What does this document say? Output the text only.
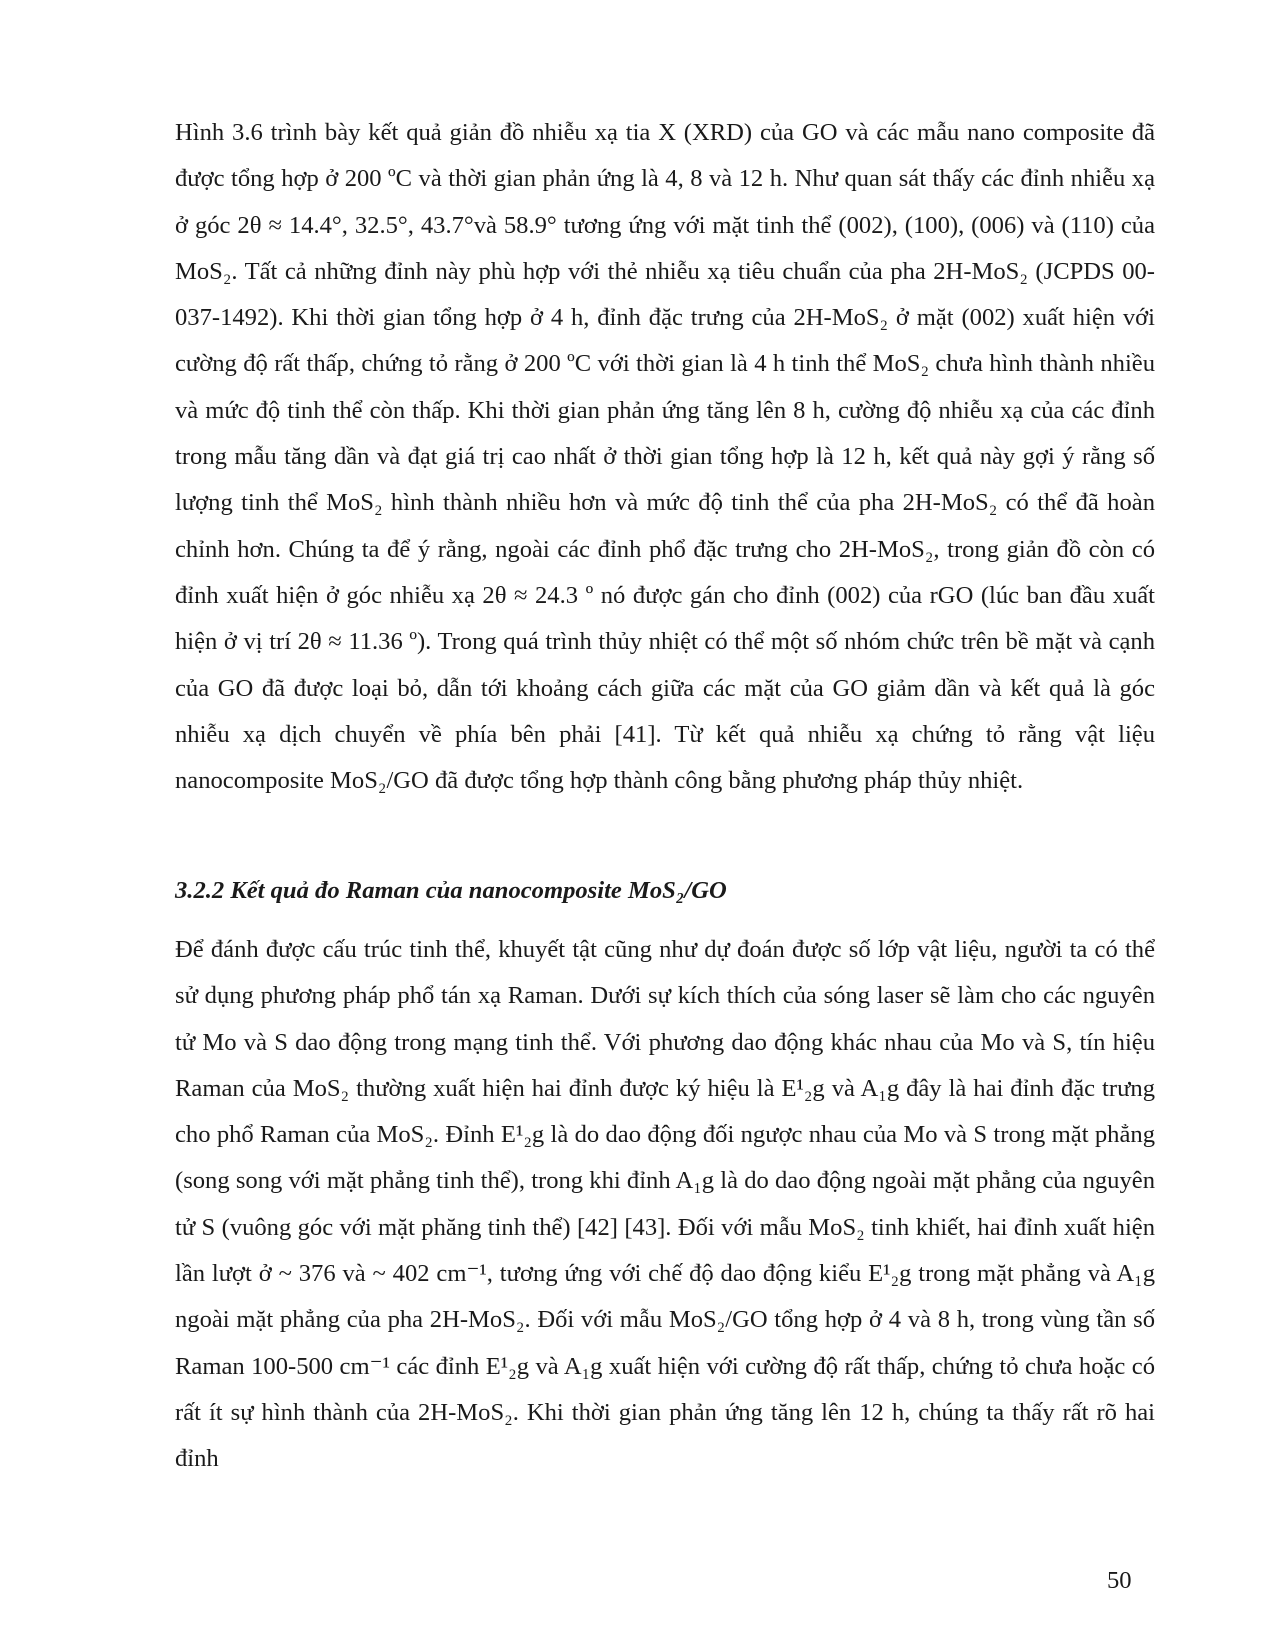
Hình 3.6 trình bày kết quả giản đồ nhiễu xạ tia X (XRD) của GO và các mẫu nano composite đã được tổng hợp ở 200 ºC và thời gian phản ứng là 4, 8 và 12 h. Như quan sát thấy các đỉnh nhiễu xạ ở góc 2θ ≈ 14.4°, 32.5°, 43.7°và 58.9° tương ứng với mặt tinh thể (002), (100), (006) và (110) của MoS₂. Tất cả những đỉnh này phù hợp với thẻ nhiễu xạ tiêu chuẩn của pha 2H-MoS₂ (JCPDS 00-037-1492). Khi thời gian tổng hợp ở 4 h, đỉnh đặc trưng của 2H-MoS₂ ở mặt (002) xuất hiện với cường độ rất thấp, chứng tỏ rằng ở 200 ºC với thời gian là 4 h tinh thể MoS₂ chưa hình thành nhiều và mức độ tinh thể còn thấp. Khi thời gian phản ứng tăng lên 8 h, cường độ nhiễu xạ của các đỉnh trong mẫu tăng dần và đạt giá trị cao nhất ở thời gian tổng hợp là 12 h, kết quả này gợi ý rằng số lượng tinh thể MoS₂ hình thành nhiều hơn và mức độ tinh thể của pha 2H-MoS₂ có thể đã hoàn chỉnh hơn. Chúng ta để ý rằng, ngoài các đỉnh phổ đặc trưng cho 2H-MoS₂, trong giản đồ còn có đỉnh xuất hiện ở góc nhiễu xạ 2θ ≈ 24.3 º nó được gán cho đỉnh (002) của rGO (lúc ban đầu xuất hiện ở vị trí 2θ ≈ 11.36 º). Trong quá trình thủy nhiệt có thể một số nhóm chức trên bề mặt và cạnh của GO đã được loại bỏ, dẫn tới khoảng cách giữa các mặt của GO giảm dần và kết quả là góc nhiễu xạ dịch chuyển về phía bên phải [41]. Từ kết quả nhiễu xạ chứng tỏ rằng vật liệu nanocomposite MoS₂/GO đã được tổng hợp thành công bằng phương pháp thủy nhiệt.

3.2.2 Kết quả đo Raman của nanocomposite MoS₂/GO

Để đánh được cấu trúc tinh thể, khuyết tật cũng như dự đoán được số lớp vật liệu, người ta có thể sử dụng phương pháp phổ tán xạ Raman. Dưới sự kích thích của sóng laser sẽ làm cho các nguyên tử Mo và S dao động trong mạng tinh thể. Với phương dao động khác nhau của Mo và S, tín hiệu Raman của MoS₂ thường xuất hiện hai đỉnh được ký hiệu là E¹₂g và A₁g đây là hai đỉnh đặc trưng cho phổ Raman của MoS₂. Đỉnh E¹₂g là do dao động đối ngược nhau của Mo và S trong mặt phẳng (song song với mặt phẳng tinh thể), trong khi đỉnh A₁g là do dao động ngoài mặt phẳng của nguyên tử S (vuông góc với mặt phăng tinh thể) [42] [43]. Đối với mẫu MoS₂ tinh khiết, hai đỉnh xuất hiện lần lượt ở ~ 376 và ~ 402 cm⁻¹, tương ứng với chế độ dao động kiểu E¹₂g trong mặt phẳng và A₁g ngoài mặt phẳng của pha 2H-MoS₂. Đối với mẫu MoS₂/GO tổng hợp ở 4 và 8 h, trong vùng tần số Raman 100-500 cm⁻¹ các đỉnh E¹₂g và A₁g xuất hiện với cường độ rất thấp, chứng tỏ chưa hoặc có rất ít sự hình thành của 2H-MoS₂. Khi thời gian phản ứng tăng lên 12 h, chúng ta thấy rất rõ hai đỉnh

50
